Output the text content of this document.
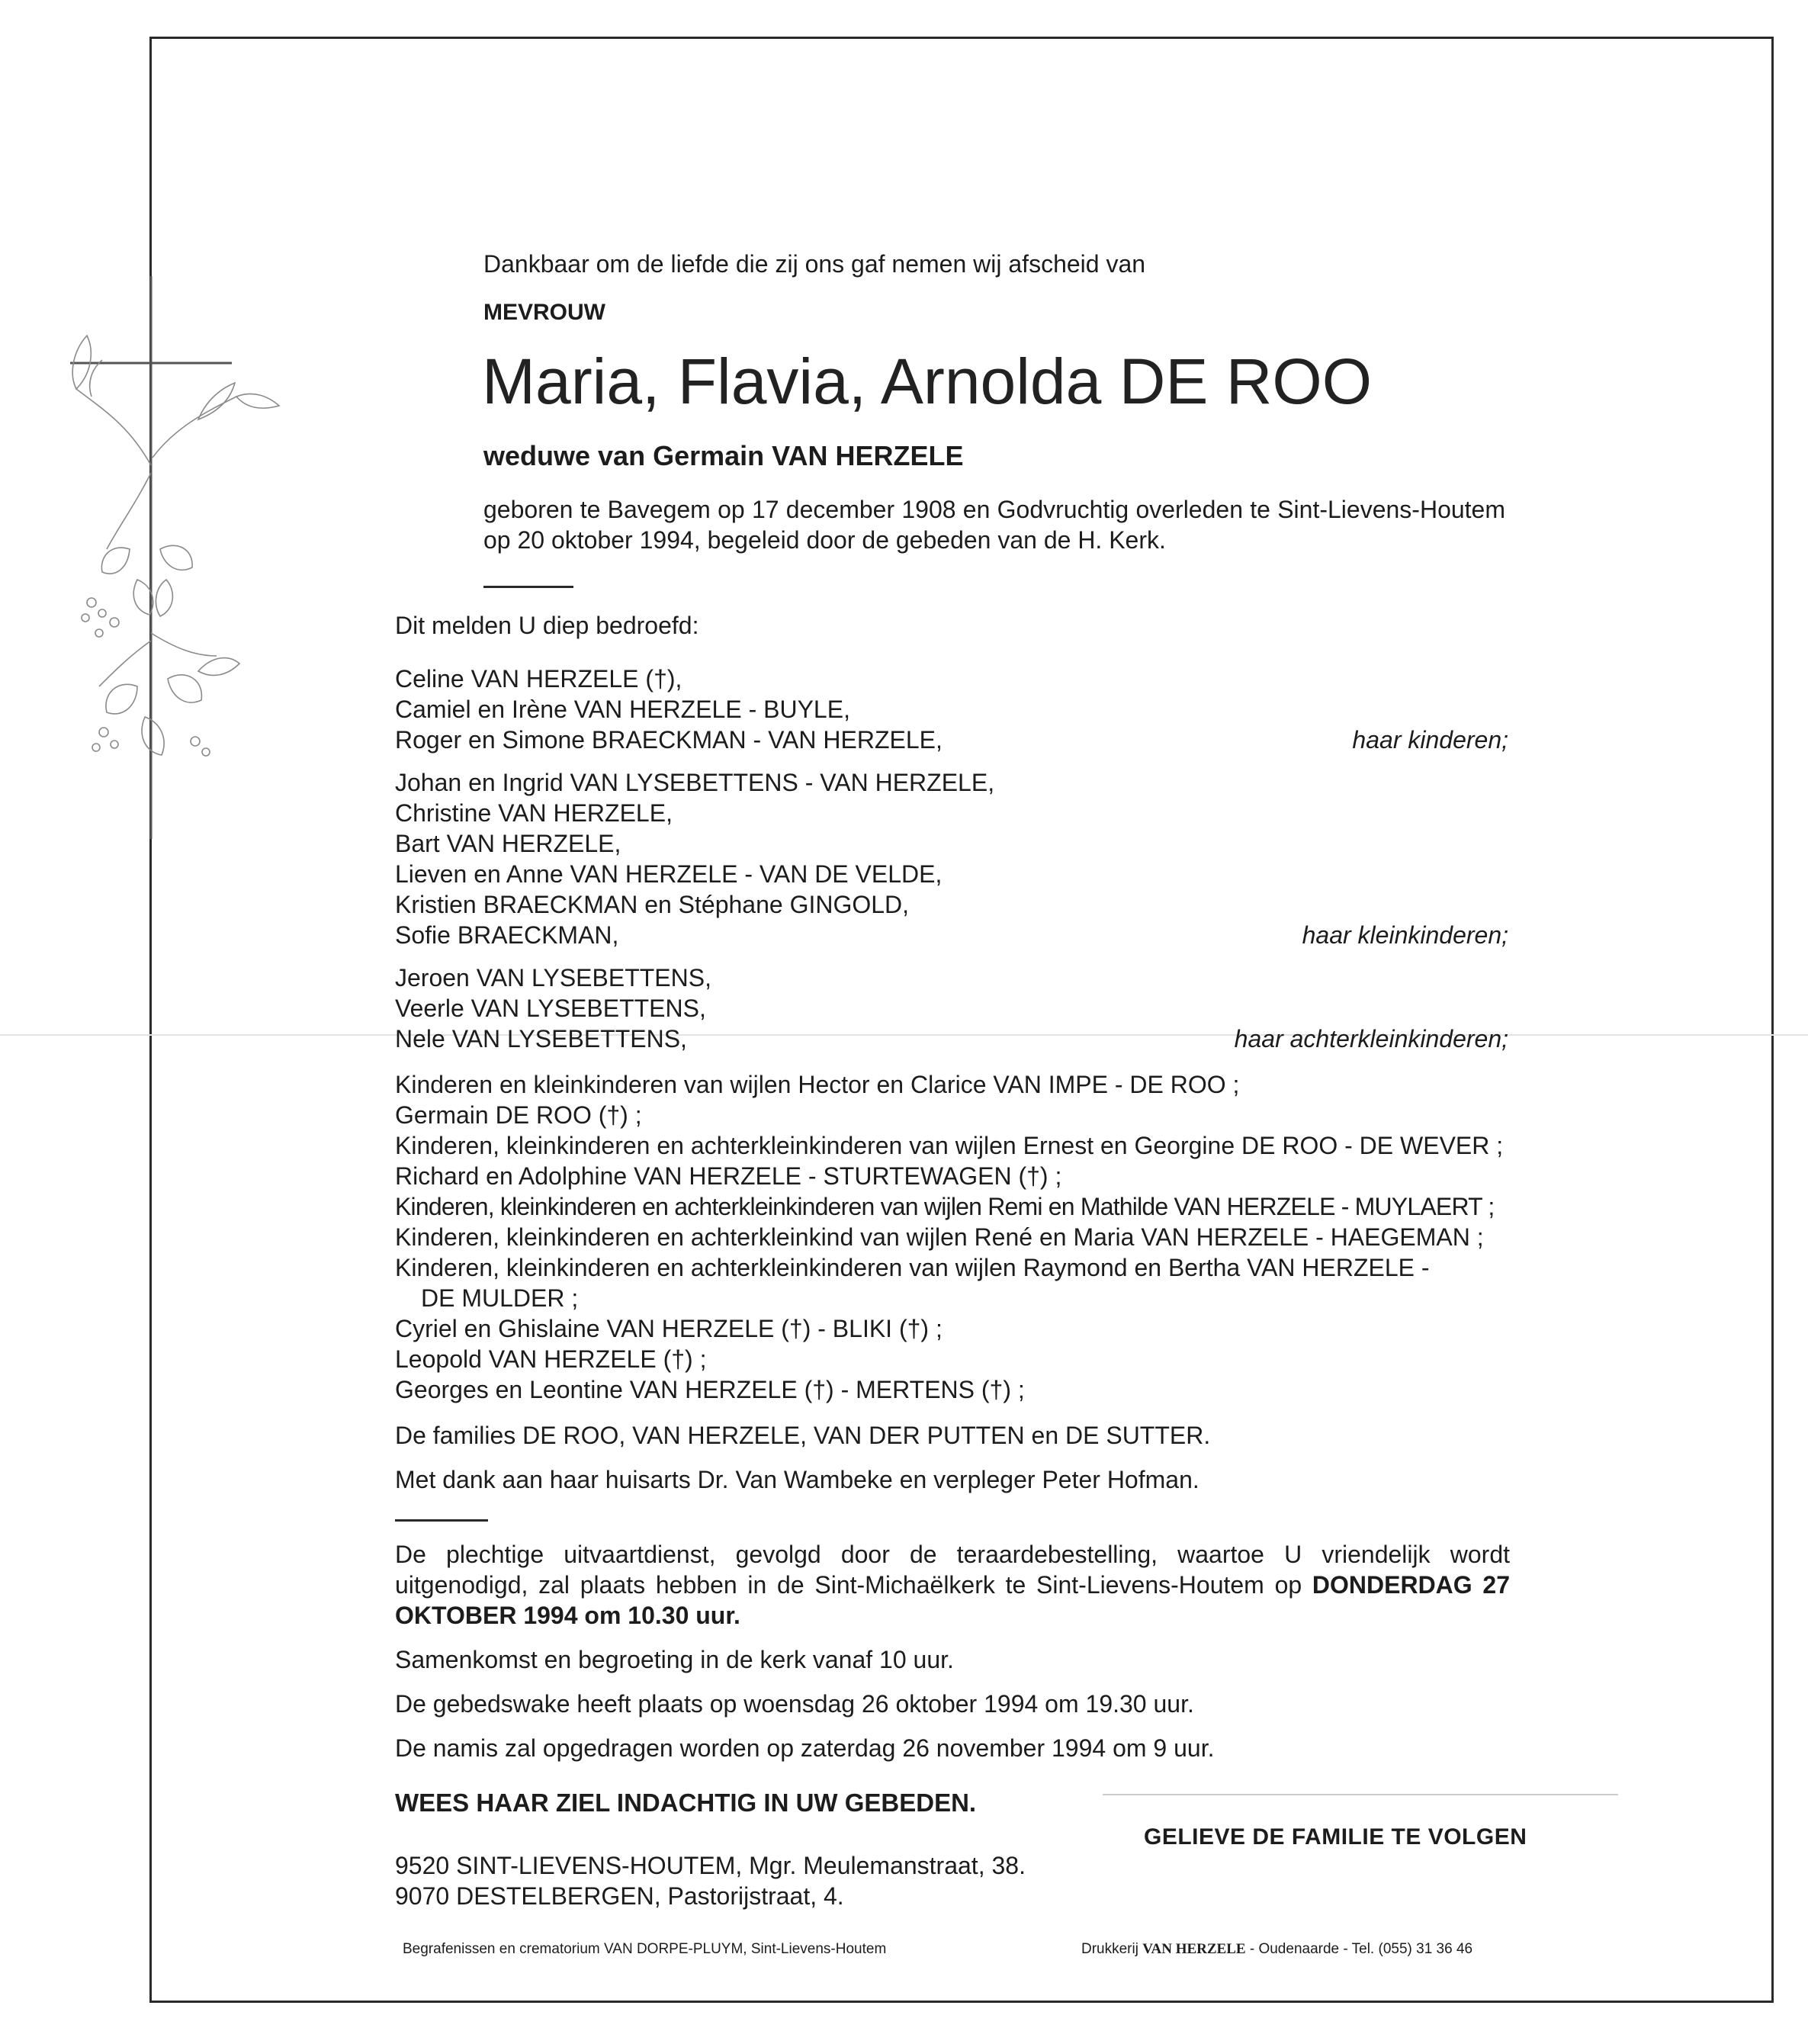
Dankbaar om de liefde die zij ons gaf nemen wij afscheid van
MEVROUW
Maria, Flavia, Arnolda DE ROO
weduwe van Germain VAN HERZELE
geboren te Bavegem op 17 december 1908 en Godvruchtig overleden te Sint-Lievens-Houtem op 20 oktober 1994, begeleid door de gebeden van de H. Kerk.
Dit melden U diep bedroefd:
Celine VAN HERZELE (†),
Camiel en Irène VAN HERZELE - BUYLE,
Roger en Simone BRAECKMAN - VAN HERZELE,	haar kinderen;
Johan en Ingrid VAN LYSEBETTENS - VAN HERZELE,
Christine VAN HERZELE,
Bart VAN HERZELE,
Lieven en Anne VAN HERZELE - VAN DE VELDE,
Kristien BRAECKMAN en Stéphane GINGOLD,
Sofie BRAECKMAN,	haar kleinkinderen;
Jeroen VAN LYSEBETTENS,
Veerle VAN LYSEBETTENS,
Nele VAN LYSEBETTENS,	haar achterkleinkinderen;
Kinderen en kleinkinderen van wijlen Hector en Clarice VAN IMPE - DE ROO ;
Germain DE ROO (†) ;
Kinderen, kleinkinderen en achterkleinkinderen van wijlen Ernest en Georgine DE ROO - DE WEVER ;
Richard en Adolphine VAN HERZELE - STURTEWAGEN (†) ;
Kinderen, kleinkinderen en achterkleinkinderen van wijlen Remi en Mathilde VAN HERZELE - MUYLAERT ;
Kinderen, kleinkinderen en achterkleinkind van wijlen René en Maria VAN HERZELE - HAEGEMAN ;
Kinderen, kleinkinderen en achterkleinkinderen van wijlen Raymond en Bertha VAN HERZELE -
DE MULDER ;
Cyriel en Ghislaine VAN HERZELE (†) - BLIKI (†) ;
Leopold VAN HERZELE (†) ;
Georges en Leontine VAN HERZELE (†) - MERTENS (†) ;
De families DE ROO, VAN HERZELE, VAN DER PUTTEN en DE SUTTER.
Met dank aan haar huisarts Dr. Van Wambeke en verpleger Peter Hofman.
De plechtige uitvaartdienst, gevolgd door de teraardebestelling, waartoe U vriendelijk wordt uitgenodigd, zal plaats hebben in de Sint-Michaëlkerk te Sint-Lievens-Houtem op DONDERDAG 27 OKTOBER 1994 om 10.30 uur.
Samenkomst en begroeting in de kerk vanaf 10 uur.
De gebedswake heeft plaats op woensdag 26 oktober 1994 om 19.30 uur.
De namis zal opgedragen worden op zaterdag 26 november 1994 om 9 uur.
WEES HAAR ZIEL INDACHTIG IN UW GEBEDEN.
GELIEVE DE FAMILIE TE VOLGEN
9520 SINT-LIEVENS-HOUTEM, Mgr. Meulemanstraat, 38.
9070 DESTELBERGEN, Pastorijstraat, 4.
Begrafenissen en crematorium VAN DORPE-PLUYM, Sint-Lievens-Houtem	Drukkerij VAN HERZELE - Oudenaarde - Tel. (055) 31 36 46
